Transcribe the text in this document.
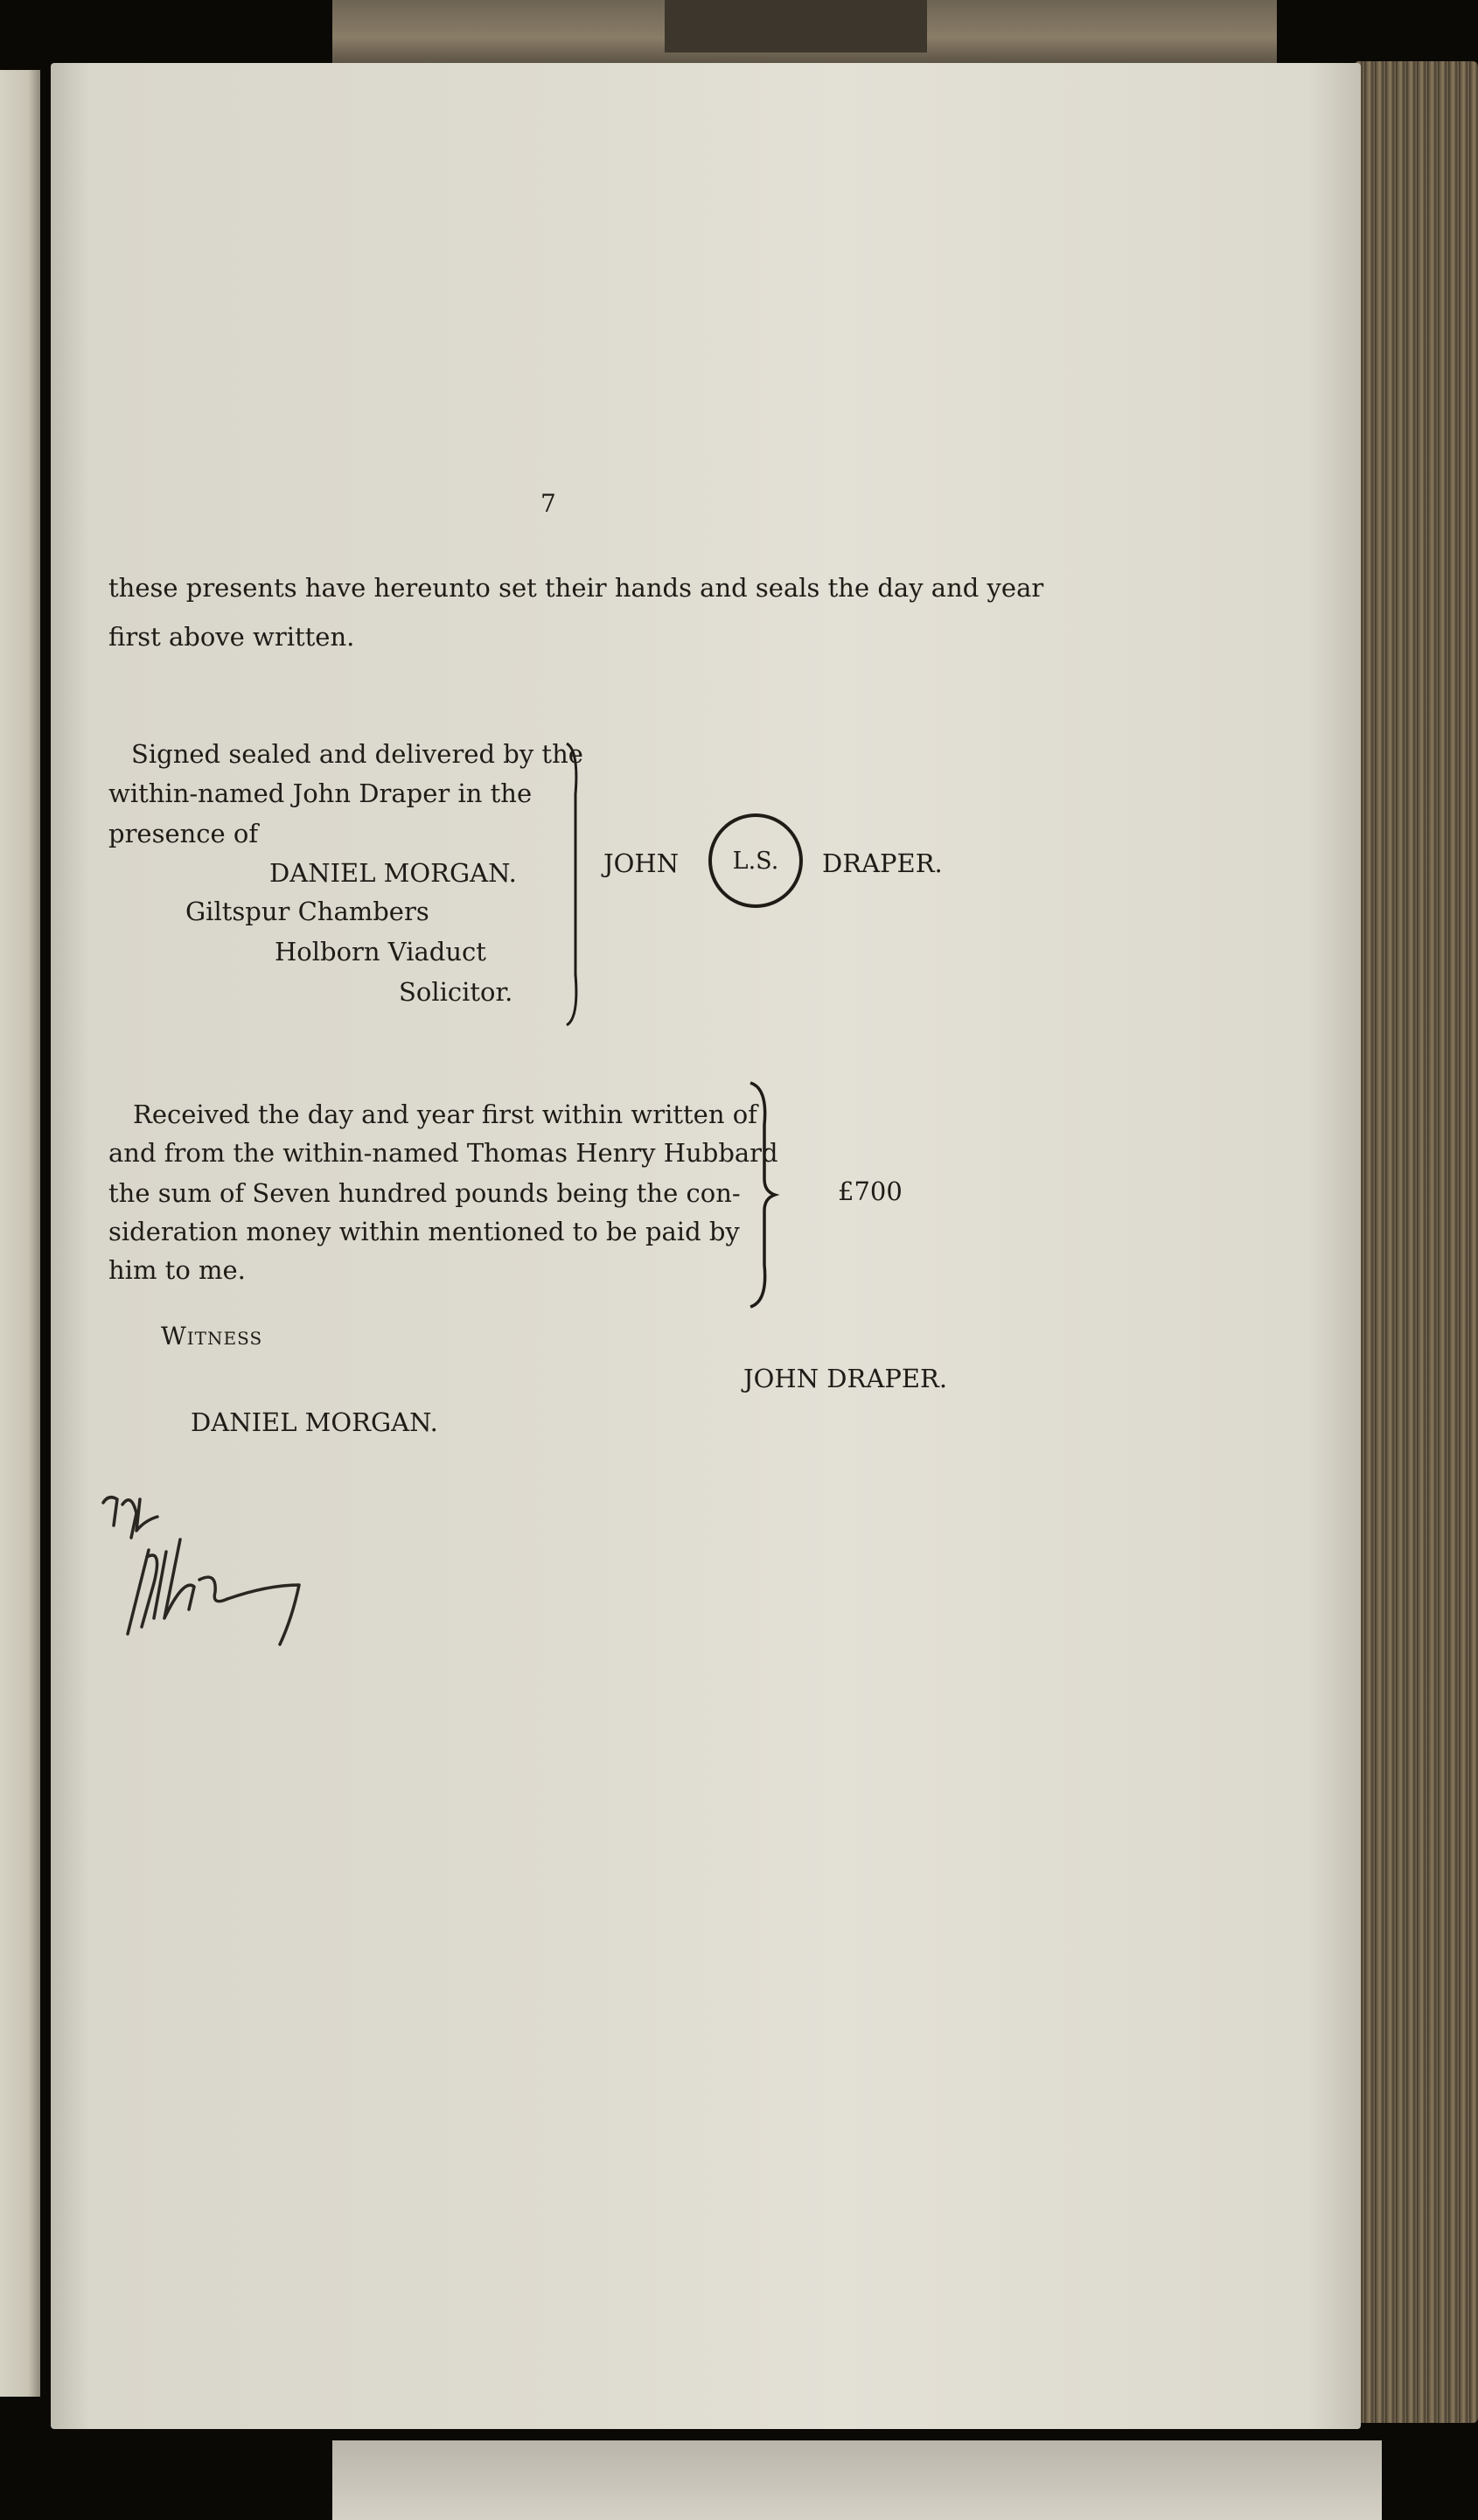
7
these presents have hereunto set their hands and seals the day and year
first above written.
Signed sealed and delivered by the
within-named John Draper in the
presence of
DANIEL MORGAN.
Giltspur Chambers
Holborn Viaduct
Solicitor.
JOHN L.S. DRAPER.
Received the day and year first within written of
and from the within-named Thomas Henry Hubbard
the sum of Seven hundred pounds being the con-
sideration money within mentioned to be paid by
him to me.
£700
Witness
JOHN DRAPER.
DANIEL MORGAN.
